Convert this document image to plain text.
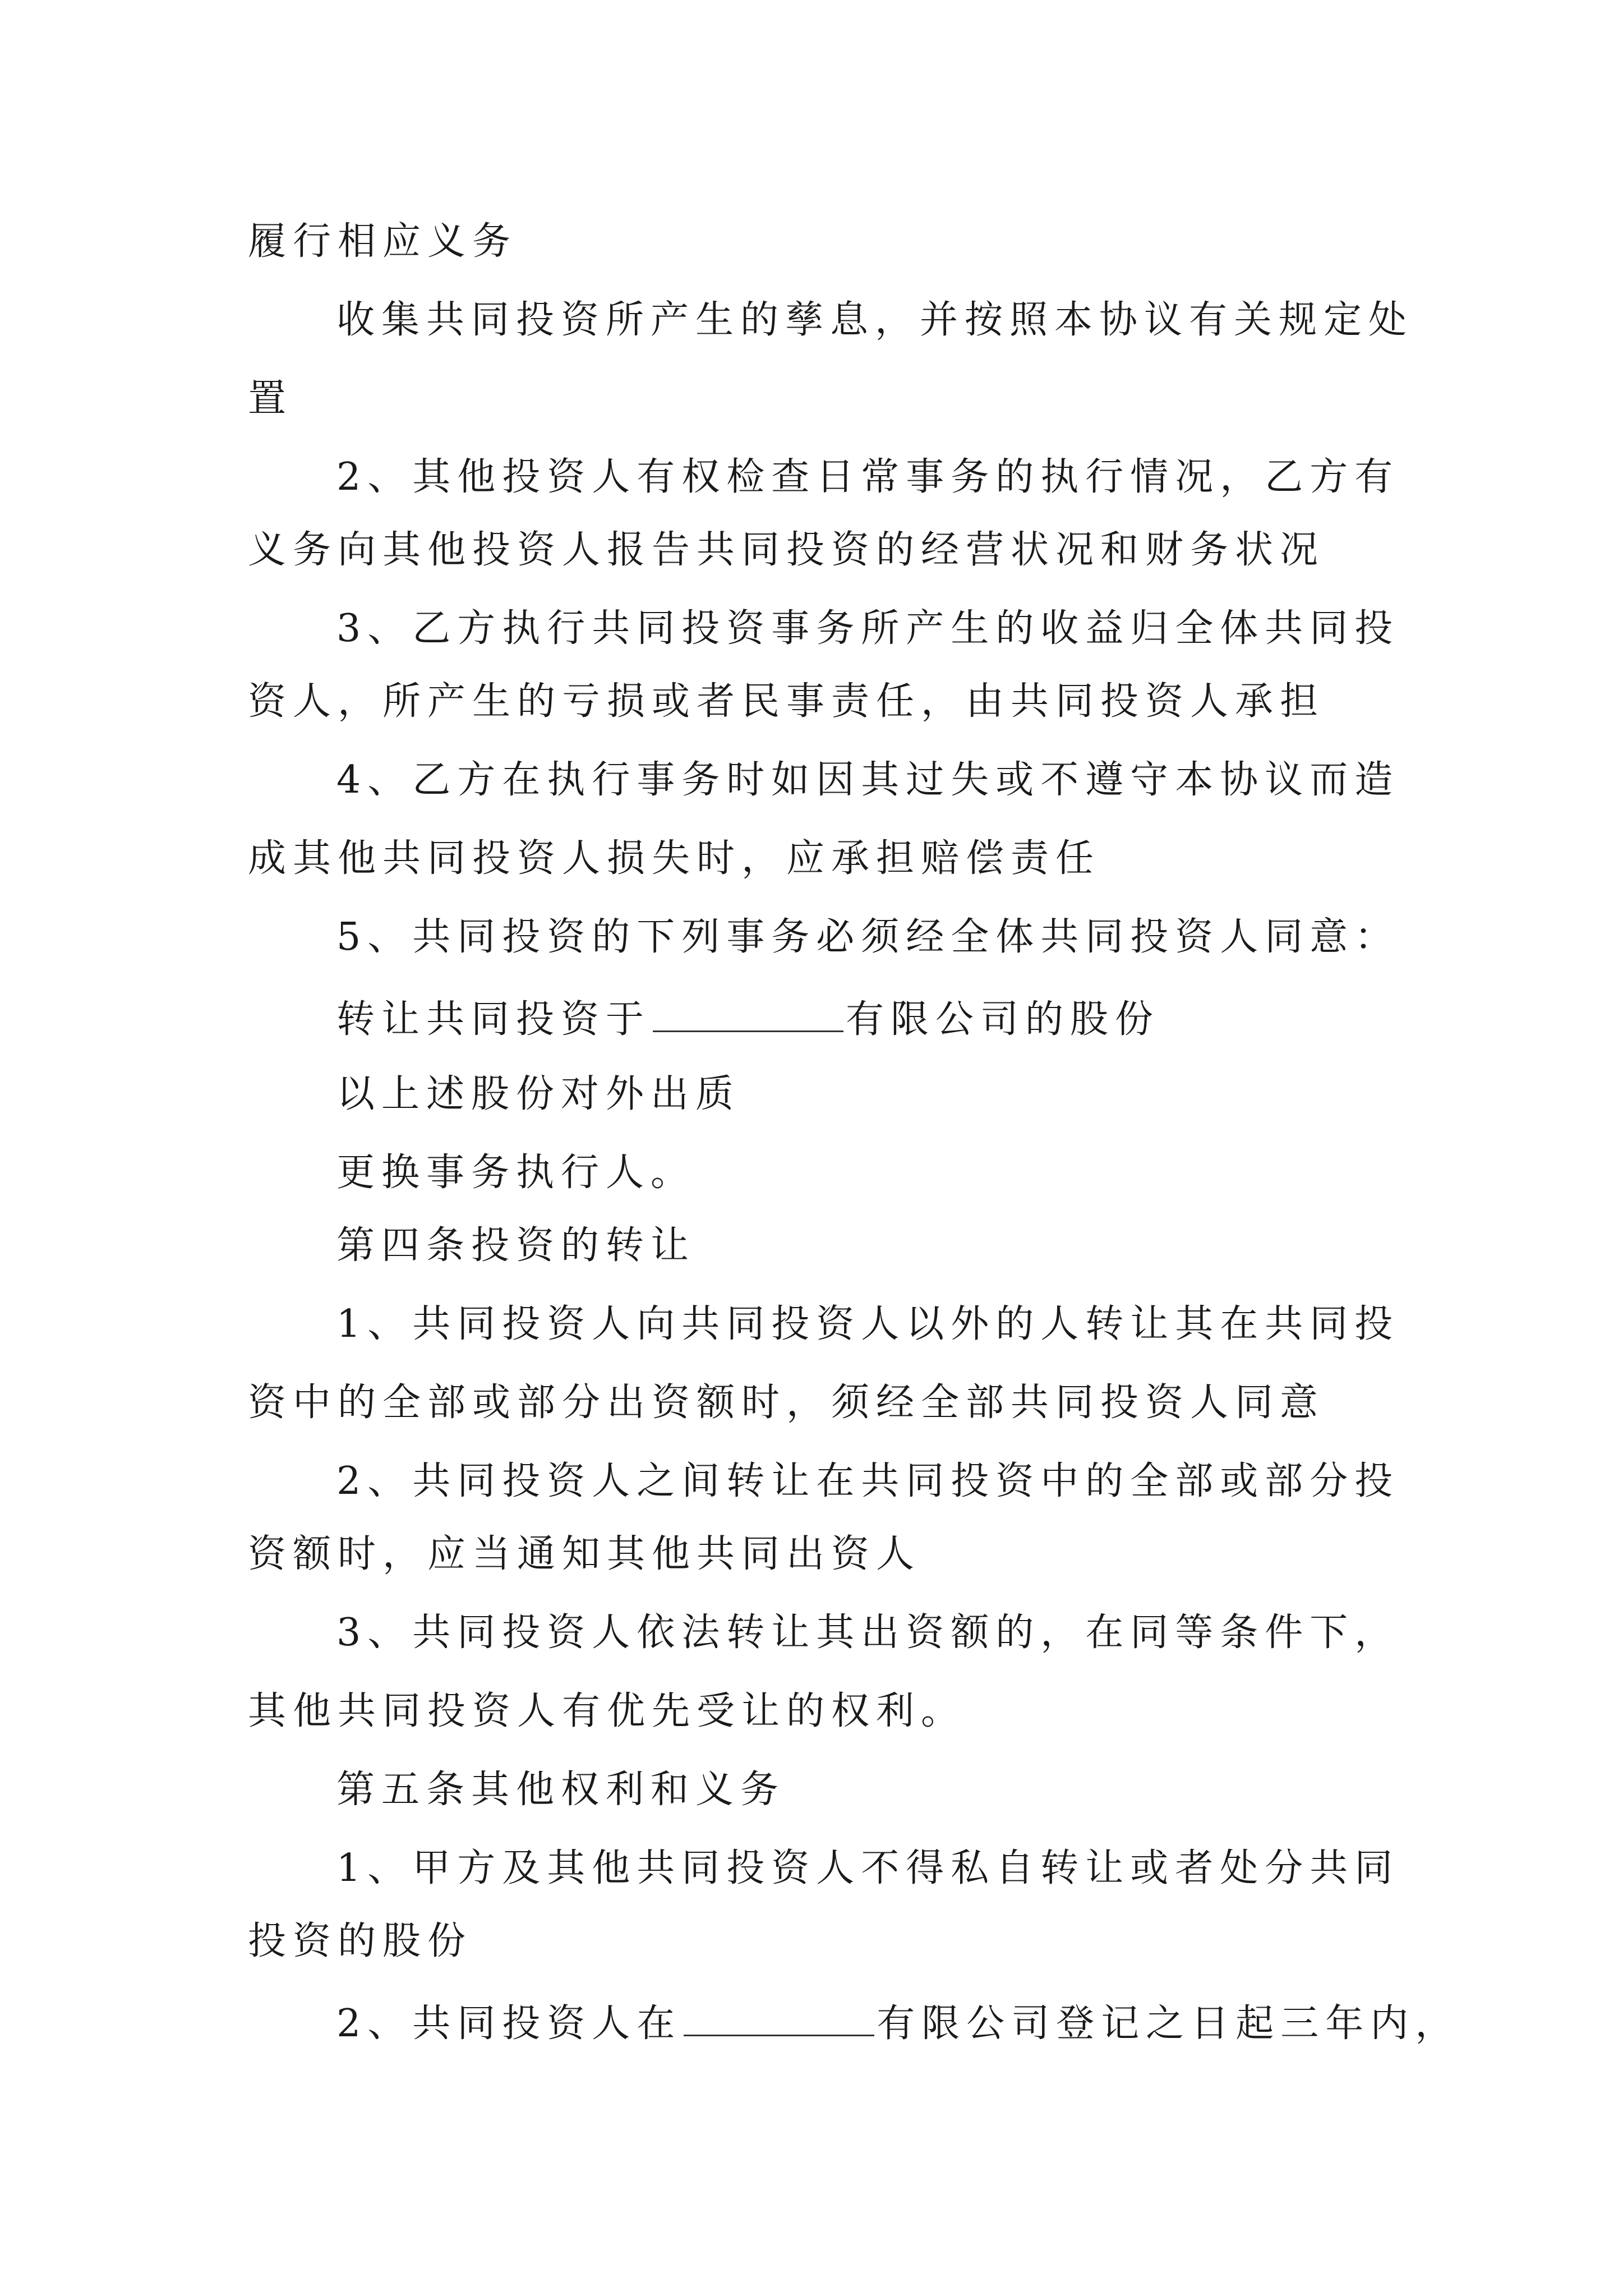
履行相应义务
收集共同投资所产生的孳息，并按照本协议有关规定处
置
2、其他投资人有权检查日常事务的执行情况，乙方有
义务向其他投资人报告共同投资的经营状况和财务状况
3、乙方执行共同投资事务所产生的收益归全体共同投
资人，所产生的亏损或者民事责任，由共同投资人承担
4、乙方在执行事务时如因其过失或不遵守本协议而造
成其他共同投资人损失时，应承担赔偿责任
5、共同投资的下列事务必须经全体共同投资人同意：
转让共同投资于	有限公司的股份
以上述股份对外出质
更换事务执行人。
第四条投资的转让
1、共同投资人向共同投资人以外的人转让其在共同投
资中的全部或部分出资额时，须经全部共同投资人同意
2、共同投资人之间转让在共同投资中的全部或部分投
资额时，应当通知其他共同出资人
3、共同投资人依法转让其出资额的，在同等条件下，
其他共同投资人有优先受让的权利。
第五条其他权利和义务
1、甲方及其他共同投资人不得私自转让或者处分共同
投资的股份
2、共同投资人在	有限公司登记之日起三年内，
